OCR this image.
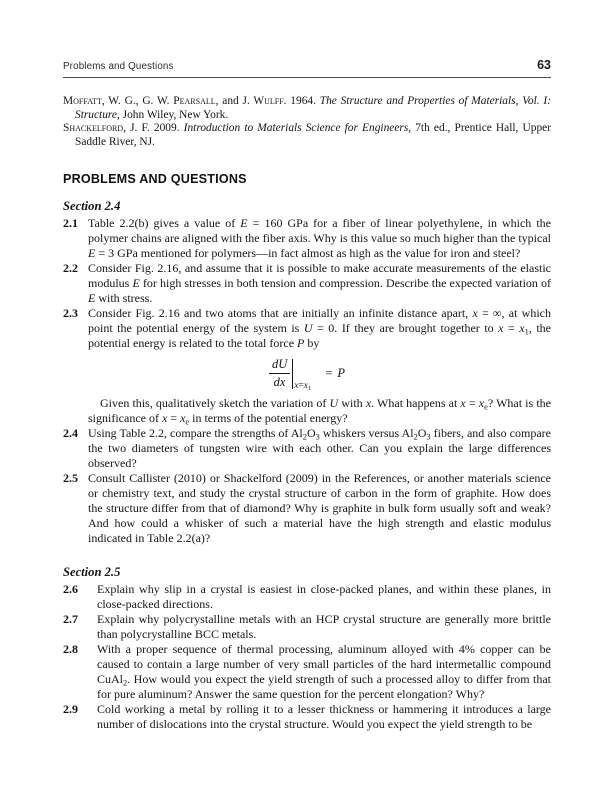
Problems and Questions	63
Moffatt, W. G., G. W. Pearsall, and J. Wulff. 1964. The Structure and Properties of Materials, Vol. I: Structure, John Wiley, New York.
Shackelford, J. F. 2009. Introduction to Materials Science for Engineers, 7th ed., Prentice Hall, Upper Saddle River, NJ.
PROBLEMS AND QUESTIONS
Section 2.4
2.1 Table 2.2(b) gives a value of E = 160 GPa for a fiber of linear polyethylene, in which the polymer chains are aligned with the fiber axis. Why is this value so much higher than the typical E = 3 GPa mentioned for polymers—in fact almost as high as the value for iron and steel?
2.2 Consider Fig. 2.16, and assume that it is possible to make accurate measurements of the elastic modulus E for high stresses in both tension and compression. Describe the expected variation of E with stress.
2.3 Consider Fig. 2.16 and two atoms that are initially an infinite distance apart, x = ∞, at which point the potential energy of the system is U = 0. If they are brought together to x = x1, the potential energy is related to the total force P by
$\frac{dU}{dx} _{x=x1}= P$
Given this, qualitatively sketch the variation of U with x. What happens at x = xe? What is the significance of x = xe in terms of the potential energy?
2.4 Using Table 2.2, compare the strengths of Al2O3 whiskers versus Al2O3 fibers, and also compare the two diameters of tungsten wire with each other. Can you explain the large differences observed?
2.5 Consult Callister (2010) or Shackelford (2009) in the References, or another materials science or chemistry text, and study the crystal structure of carbon in the form of graphite. How does the structure differ from that of diamond? Why is graphite in bulk form usually soft and weak? And how could a whisker of such a material have the high strength and elastic modulus indicated in Table 2.2(a)?
Section 2.5
2.6 Explain why slip in a crystal is easiest in close-packed planes, and within these planes, in close-packed directions.
2.7 Explain why polycrystalline metals with an HCP crystal structure are generally more brittle than polycrystalline BCC metals.
2.8 With a proper sequence of thermal processing, aluminum alloyed with 4% copper can be caused to contain a large number of very small particles of the hard intermetallic compound CuAl2. How would you expect the yield strength of such a processed alloy to differ from that for pure aluminum? Answer the same question for the percent elongation? Why?
2.9 Cold working a metal by rolling it to a lesser thickness or hammering it introduces a large number of dislocations into the crystal structure. Would you expect the yield strength to be
